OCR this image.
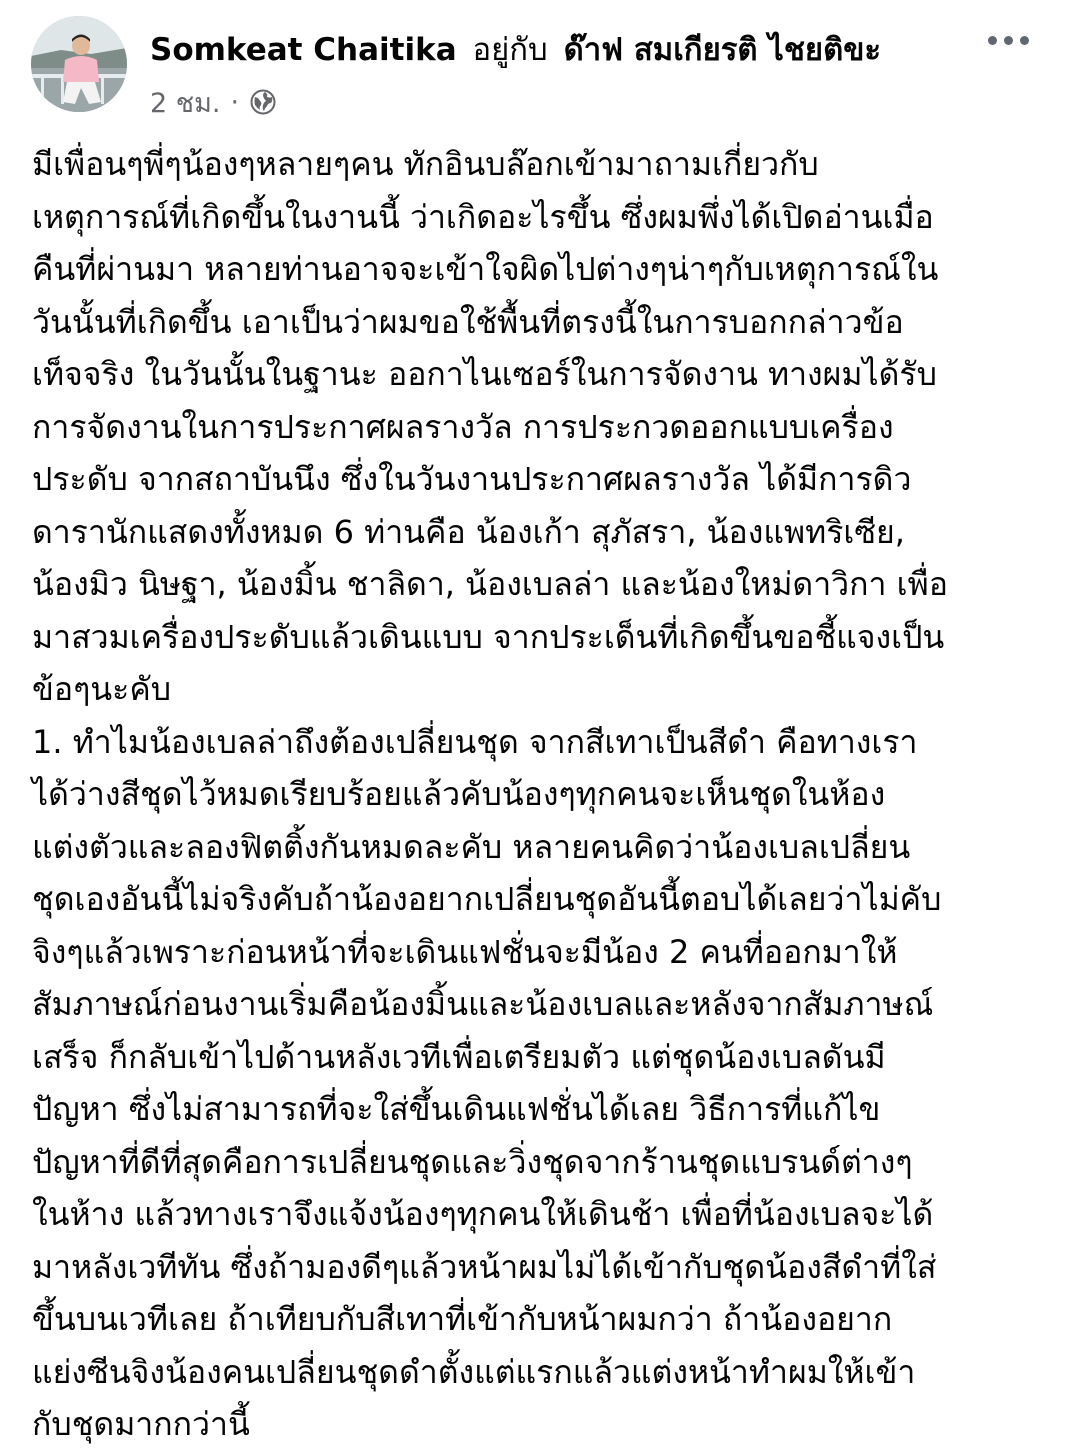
Somkeat Chaitika อยู่กับ ด๊าฟ สมเกียรติ ไชยติขะ
2 ชม. ·
มีเพื่อนๆพี่ๆน้องๆหลายๆคน ทักอินบล๊อกเข้ามาถามเกี่ยวกับ
เหตุการณ์ที่เกิดขึ้นในงานนี้ ว่าเกิดอะไรขึ้น ซึ่งผมพึ่งได้เปิดอ่านเมื่อ
คืนที่ผ่านมา หลายท่านอาจจะเข้าใจผิดไปต่างๆน่าๆกับเหตุการณ์ใน
วันนั้นที่เกิดขึ้น เอาเป็นว่าผมขอใช้พื้นที่ตรงนี้ในการบอกกล่าวข้อ
เท็จจริง ในวันนั้นในฐานะ ออกาไนเซอร์ในการจัดงาน ทางผมได้รับ
การจัดงานในการประกาศผลรางวัล การประกวดออกแบบเครื่อง
ประดับ จากสถาบันนึง ซึ่งในวันงานประกาศผลรางวัล ได้มีการดิว
ดารานักแสดงทั้งหมด 6 ท่านคือ น้องเก้า สุภัสรา, น้องแพทริเซีย,
น้องมิว นิษฐา, น้องมิ้น ชาลิดา, น้องเบลล่า และน้องใหม่ดาวิกา เพื่อ
มาสวมเครื่องประดับแล้วเดินแบบ จากประเด็นที่เกิดขึ้นขอชี้แจงเป็น
ข้อๆนะคับ
1. ทำไมน้องเบลล่าถึงต้องเปลี่ยนชุด จากสีเทาเป็นสีดำ คือทางเรา
ได้ว่างสีชุดไว้หมดเรียบร้อยแล้วคับน้องๆทุกคนจะเห็นชุดในห้อง
แต่งตัวและลองฟิตติ้งกันหมดละคับ หลายคนคิดว่าน้องเบลเปลี่ยน
ชุดเองอันนี้ไม่จริงคับถ้าน้องอยากเปลี่ยนชุดอันนี้ตอบได้เลยว่าไม่คับ
จิงๆแล้วเพราะก่อนหน้าที่จะเดินแฟชั่นจะมีน้อง 2 คนที่ออกมาให้
สัมภาษณ์ก่อนงานเริ่มคือน้องมิ้นและน้องเบลและหลังจากสัมภาษณ์
เสร็จ ก็กลับเข้าไปด้านหลังเวทีเพื่อเตรียมตัว แต่ชุดน้องเบลดันมี
ปัญหา ซึ่งไม่สามารถที่จะใส่ขึ้นเดินแฟชั่นได้เลย วิธีการที่แก้ไข
ปัญหาที่ดีที่สุดคือการเปลี่ยนชุดและวิ่งชุดจากร้านชุดแบรนด์ต่างๆ
ในห้าง แล้วทางเราจึงแจ้งน้องๆทุกคนให้เดินช้า เพื่อที่น้องเบลจะได้
มาหลังเวทีทัน ซึ่งถ้ามองดีๆแล้วหน้าผมไม่ได้เข้ากับชุดน้องสีดำที่ใส่
ขึ้นบนเวทีเลย ถ้าเทียบกับสีเทาที่เข้ากับหน้าผมกว่า ถ้าน้องอยาก
แย่งซีนจิงน้องคนเปลี่ยนชุดดำตั้งแต่แรกแล้วแต่งหน้าทำผมให้เข้า
กับชุดมากกว่านี้
